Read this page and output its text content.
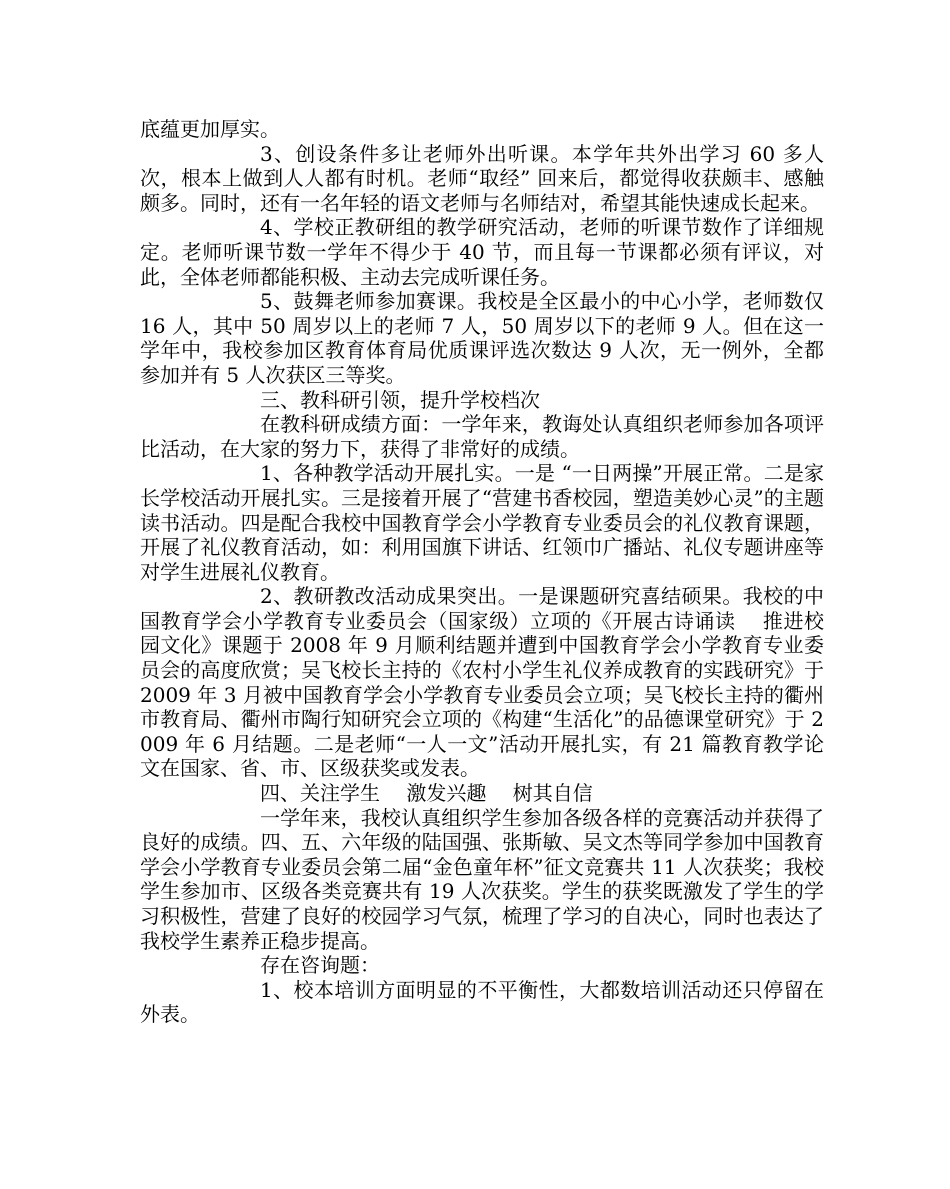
底蕴更加厚实。

3、创设条件多让老师外出听课。本学年共外出学习 60 多人次，根本上做到人人都有时机。老师“取经” 回来后，都觉得收获颇丰、感触颇多。同时，还有一名年轻的语文老师与名师结对，希望其能快速成长起来。

4、学校正教研组的教学研究活动，老师的听课节数作了详细规定。老师听课节数一学年不得少于 40 节，而且每一节课都必须有评议，对此，全体老师都能积极、主动去完成听课任务。

5、鼓舞老师参加赛课。我校是全区最小的中心小学，老师数仅 16 人，其中 50 周岁以上的老师 7 人，50 周岁以下的老师 9 人。但在这一学年中，我校参加区教育体育局优质课评选次数达 9 人次，无一例外，全都参加并有 5 人次获区三等奖。

三、教科研引领，提升学校档次

在教科研成绩方面：一学年来，教诲处认真组织老师参加各项评比活动，在大家的努力下，获得了非常好的成绩。

1、各种教学活动开展扎实。一是 “一日两操”开展正常。二是家长学校活动开展扎实。三是接着开展了“营建书香校园，塑造美妙心灵”的主题读书活动。四是配合我校中国教育学会小学教育专业委员会的礼仪教育课题，开展了礼仪教育活动，如：利用国旗下讲话、红领巾广播站、礼仪专题讲座等对学生进展礼仪教育。

2、教研教改活动成果突出。一是课题研究喜结硕果。我校的中国教育学会小学教育专业委员会（国家级）立项的《开展古诗诵读　 推进校园文化》课题于 2008 年 9 月顺利结题并遭到中国教育学会小学教育专业委员会的高度欣赏；吴飞校长主持的《农村小学生礼仪养成教育的实践研究》于 2009 年 3 月被中国教育学会小学教育专业委员会立项；吴飞校长主持的衢州市教育局、衢州市陶行知研究会立项的《构建“生活化”的品德课堂研究》于 2009 年 6 月结题。二是老师“一人一文”活动开展扎实，有 21 篇教育教学论文在国家、省、市、区级获奖或发表。

四、关注学生　 激发兴趣　 树其自信

一学年来，我校认真组织学生参加各级各样的竞赛活动并获得了良好的成绩。四、五、六年级的陆国强、张斯敏、吴文杰等同学参加中国教育学会小学教育专业委员会第二届“金色童年杯”征文竞赛共 11 人次获奖；我校学生参加市、区级各类竞赛共有 19 人次获奖。学生的获奖既激发了学生的学习积极性，营建了良好的校园学习气氛，梳理了学习的自决心，同时也表达了我校学生素养正稳步提高。

存在咨询题：

1、校本培训方面明显的不平衡性，大都数培训活动还只停留在外表。
